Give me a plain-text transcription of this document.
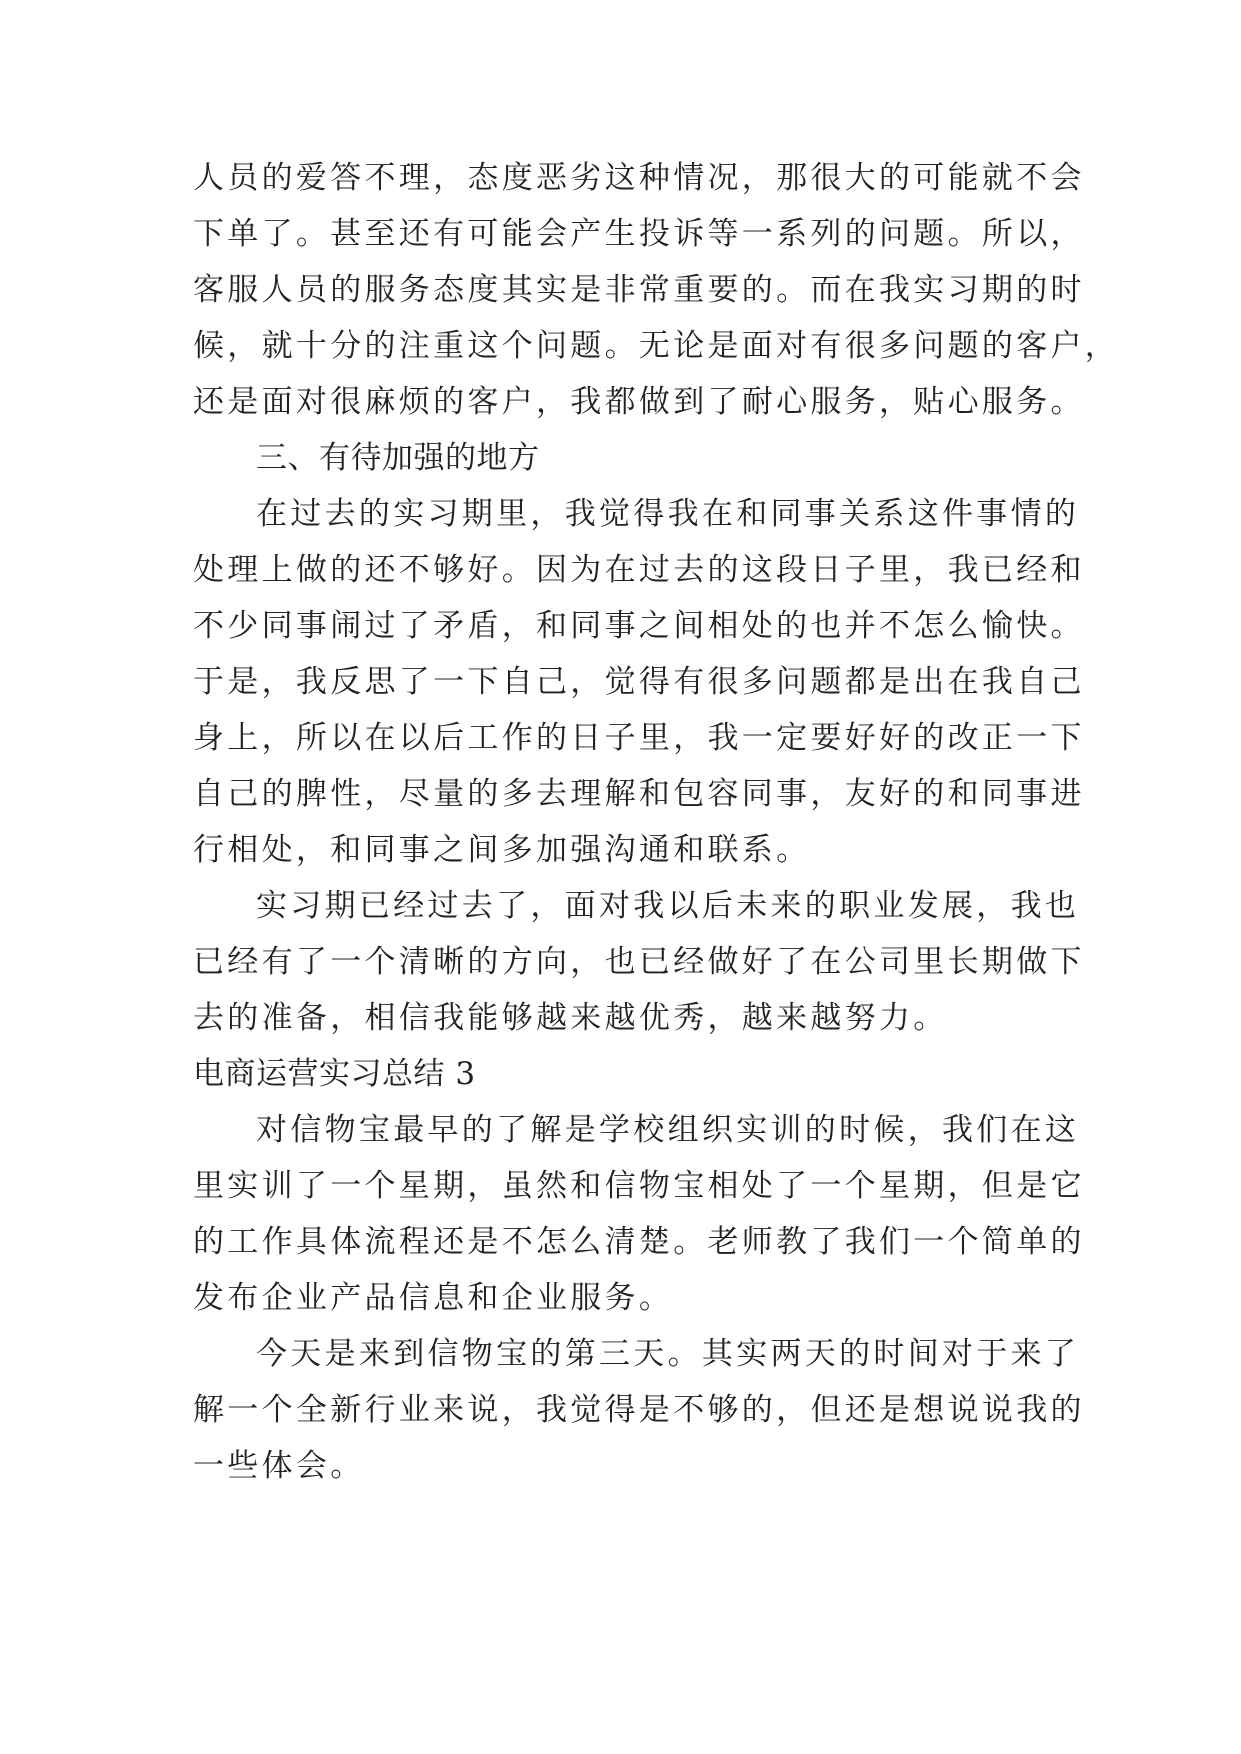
人员的爱答不理，态度恶劣这种情况，那很大的可能就不会

下单了。甚至还有可能会产生投诉等一系列的问题。所以，

客服人员的服务态度其实是非常重要的。而在我实习期的时

候，就十分的注重这个问题。无论是面对有很多问题的客户，

还是面对很麻烦的客户，我都做到了耐心服务，贴心服务。

三、有待加强的地方

在过去的实习期里，我觉得我在和同事关系这件事情的

处理上做的还不够好。因为在过去的这段日子里，我已经和

不少同事闹过了矛盾，和同事之间相处的也并不怎么愉快。

于是，我反思了一下自己，觉得有很多问题都是出在我自己

身上，所以在以后工作的日子里，我一定要好好的改正一下

自己的脾性，尽量的多去理解和包容同事，友好的和同事进

行相处，和同事之间多加强沟通和联系。

实习期已经过去了，面对我以后未来的职业发展，我也

已经有了一个清晰的方向，也已经做好了在公司里长期做下

去的准备，相信我能够越来越优秀，越来越努力。

电商运营实习总结 3

对信物宝最早的了解是学校组织实训的时候，我们在这

里实训了一个星期，虽然和信物宝相处了一个星期，但是它

的工作具体流程还是不怎么清楚。老师教了我们一个简单的

发布企业产品信息和企业服务。

今天是来到信物宝的第三天。其实两天的时间对于来了

解一个全新行业来说，我觉得是不够的，但还是想说说我的

一些体会。
